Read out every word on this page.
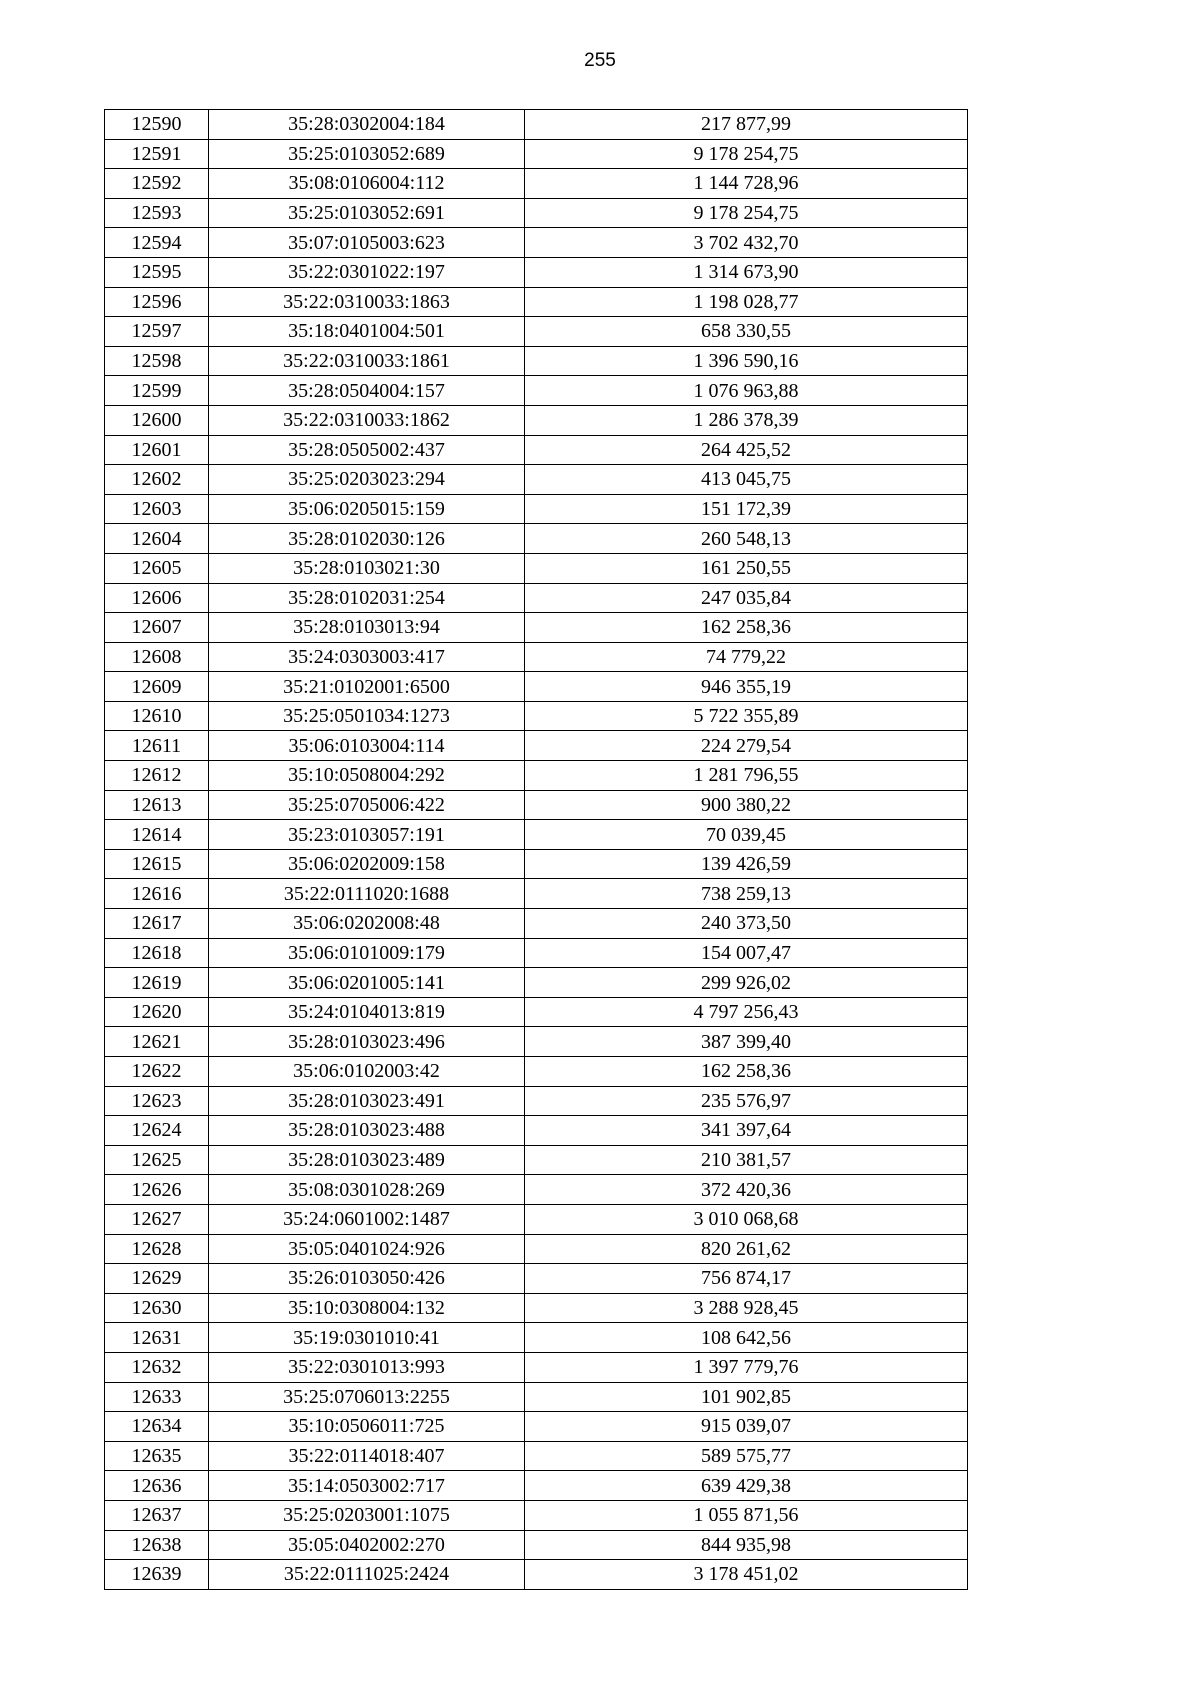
255
12590	35:28:0302004:184	217 877,99
12591	35:25:0103052:689	9 178 254,75
12592	35:08:0106004:112	1 144 728,96
12593	35:25:0103052:691	9 178 254,75
12594	35:07:0105003:623	3 702 432,70
12595	35:22:0301022:197	1 314 673,90
12596	35:22:0310033:1863	1 198 028,77
12597	35:18:0401004:501	658 330,55
12598	35:22:0310033:1861	1 396 590,16
12599	35:28:0504004:157	1 076 963,88
12600	35:22:0310033:1862	1 286 378,39
12601	35:28:0505002:437	264 425,52
12602	35:25:0203023:294	413 045,75
12603	35:06:0205015:159	151 172,39
12604	35:28:0102030:126	260 548,13
12605	35:28:0103021:30	161 250,55
12606	35:28:0102031:254	247 035,84
12607	35:28:0103013:94	162 258,36
12608	35:24:0303003:417	74 779,22
12609	35:21:0102001:6500	946 355,19
12610	35:25:0501034:1273	5 722 355,89
12611	35:06:0103004:114	224 279,54
12612	35:10:0508004:292	1 281 796,55
12613	35:25:0705006:422	900 380,22
12614	35:23:0103057:191	70 039,45
12615	35:06:0202009:158	139 426,59
12616	35:22:0111020:1688	738 259,13
12617	35:06:0202008:48	240 373,50
12618	35:06:0101009:179	154 007,47
12619	35:06:0201005:141	299 926,02
12620	35:24:0104013:819	4 797 256,43
12621	35:28:0103023:496	387 399,40
12622	35:06:0102003:42	162 258,36
12623	35:28:0103023:491	235 576,97
12624	35:28:0103023:488	341 397,64
12625	35:28:0103023:489	210 381,57
12626	35:08:0301028:269	372 420,36
12627	35:24:0601002:1487	3 010 068,68
12628	35:05:0401024:926	820 261,62
12629	35:26:0103050:426	756 874,17
12630	35:10:0308004:132	3 288 928,45
12631	35:19:0301010:41	108 642,56
12632	35:22:0301013:993	1 397 779,76
12633	35:25:0706013:2255	101 902,85
12634	35:10:0506011:725	915 039,07
12635	35:22:0114018:407	589 575,77
12636	35:14:0503002:717	639 429,38
12637	35:25:0203001:1075	1 055 871,56
12638	35:05:0402002:270	844 935,98
12639	35:22:0111025:2424	3 178 451,02
